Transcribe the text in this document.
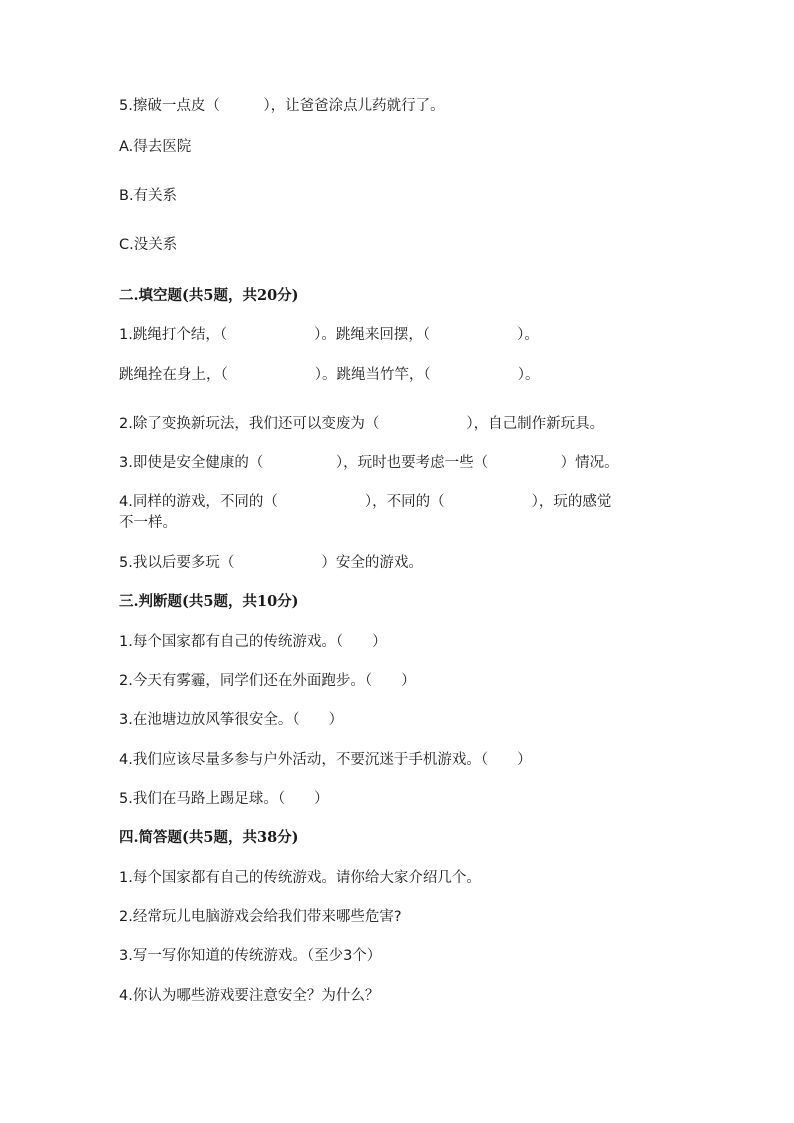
5.擦破一点皮（　　　），让爸爸涂点儿药就行了。
A.得去医院
B.有关系
C.没关系
二.填空题(共5题，共20分)
1.跳绳打个结，（　　　　　　）。跳绳来回摆，（　　　　　　）。
跳绳拴在身上，（　　　　　　）。跳绳当竹竿，（　　　　　　）。
2.除了变换新玩法，我们还可以变废为（　　　　　　），自己制作新玩具。
3.即使是安全健康的（　　　　　），玩时也要考虑一些（　　　　　）情况。
4.同样的游戏，不同的（　　　　　　），不同的（　　　　　　），玩的感觉
不一样。
5.我以后要多玩（　　　　　　）安全的游戏。
三.判断题(共5题，共10分)
1.每个国家都有自己的传统游戏。（　　）
2.今天有雾霾，同学们还在外面跑步。（　　）
3.在池塘边放风筝很安全。（　　）
4.我们应该尽量多参与户外活动，不要沉迷于手机游戏。（　　）
5.我们在马路上踢足球。（　　）
四.简答题(共5题，共38分)
1.每个国家都有自己的传统游戏。请你给大家介绍几个。
2.经常玩儿电脑游戏会给我们带来哪些危害?
3.写一写你知道的传统游戏。（至少3个）
4.你认为哪些游戏要注意安全？为什么？
